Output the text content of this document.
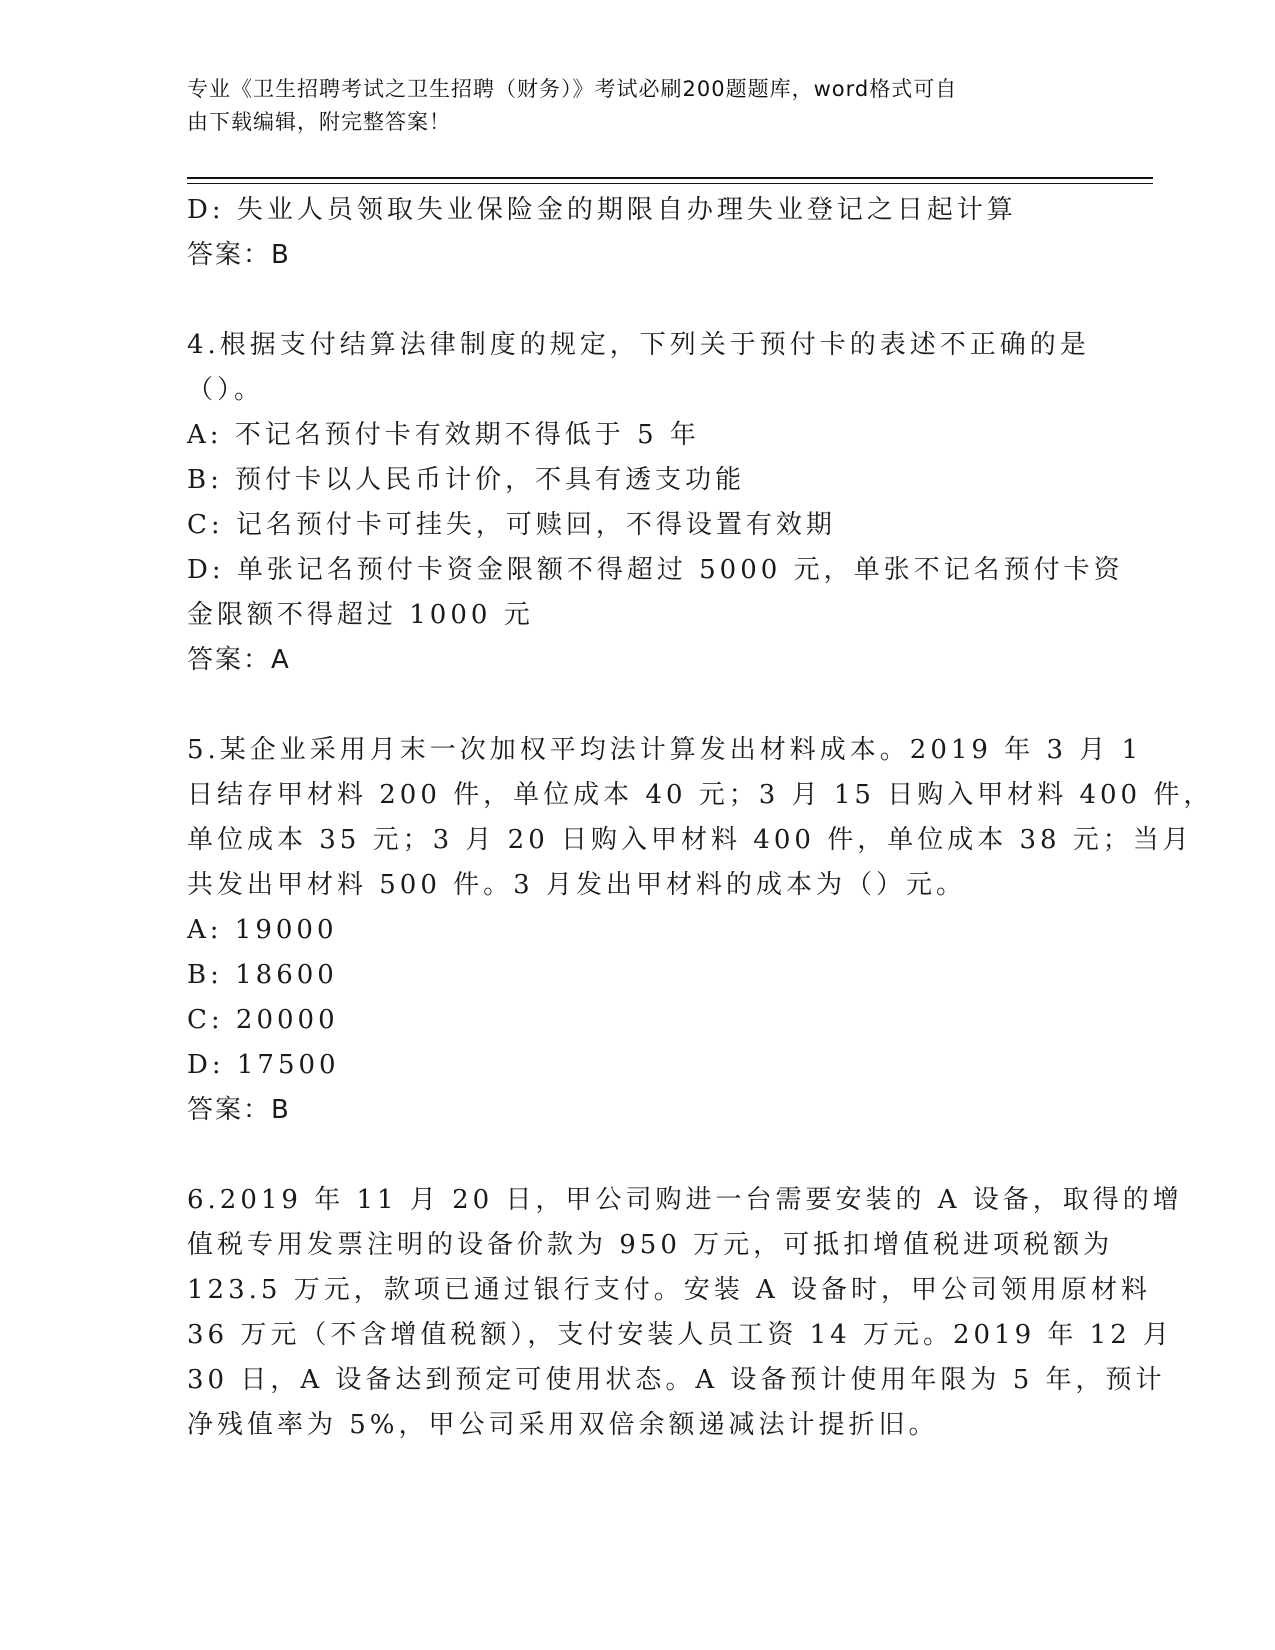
专业《卫生招聘考试之卫生招聘（财务）》考试必刷200题题库，word格式可自
由下载编辑，附完整答案！
D: 失业人员领取失业保险金的期限自办理失业登记之日起计算
答案：B
4.根据支付结算法律制度的规定，下列关于预付卡的表述不正确的是
（）。
A: 不记名预付卡有效期不得低于 5 年
B: 预付卡以人民币计价，不具有透支功能
C: 记名预付卡可挂失，可赎回，不得设置有效期
D: 单张记名预付卡资金限额不得超过 5000 元，单张不记名预付卡资
金限额不得超过 1000 元
答案：A
5.某企业采用月末一次加权平均法计算发出材料成本。2019 年 3 月 1
日结存甲材料 200 件，单位成本 40 元；3 月 15 日购入甲材料 400 件，
单位成本 35 元；3 月 20 日购入甲材料 400 件，单位成本 38 元；当月
共发出甲材料 500 件。3 月发出甲材料的成本为（）元。
A: 19000
B: 18600
C: 20000
D: 17500
答案：B
6.2019 年 11 月 20 日，甲公司购进一台需要安装的 A 设备，取得的增
值税专用发票注明的设备价款为 950 万元，可抵扣增值税进项税额为
123.5 万元，款项已通过银行支付。安装 A 设备时，甲公司领用原材料
36 万元（不含增值税额），支付安装人员工资 14 万元。2019 年 12 月
30 日，A 设备达到预定可使用状态。A 设备预计使用年限为 5 年，预计
净残值率为 5%，甲公司采用双倍余额递减法计提折旧。
